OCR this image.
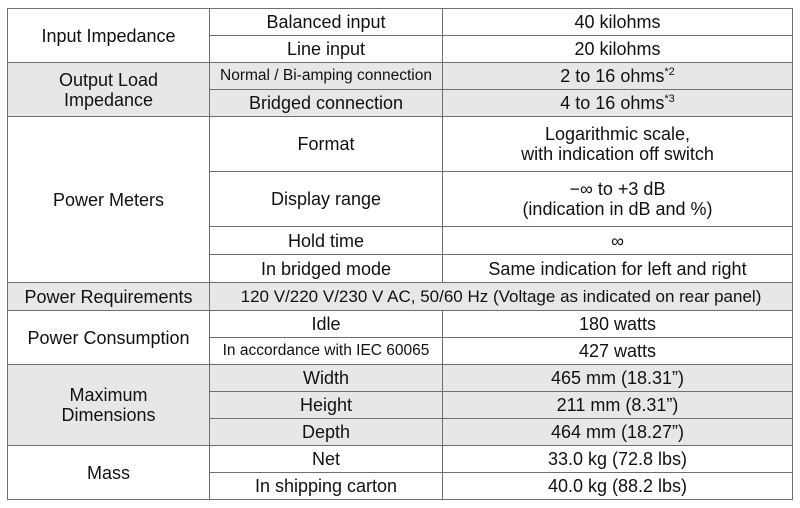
Input Impedance	Balanced input	40 kilohms
	Line input	20 kilohms

Output Load
Impedance	Normal / Bi-amping connection	2 to 16 ohms$^{*2}$
	Bridged connection	4 to 16 ohms$^{*3}$

Power Meters	Format	Logarithmic scale,
with indication off switch

	Display range	−∞ to +3 dB
(indication in dB and %)

	Hold time	∞
	In bridged mode	Same indication for left and right

Power Requirements	120 V/220 V/230 V AC, 50/60 Hz (Voltage as indicated on rear panel)	

Power Consumption	Idle	180 watts
	In accordance with IEC 60065	427 watts

Maximum
Dimensions	Width	465 mm (18.31”)
	Height	211 mm (8.31”)
	Depth	464 mm (18.27”)

Mass	Net	33.0 kg (72.8 lbs)
	In shipping carton	40.0 kg (88.2 lbs)
